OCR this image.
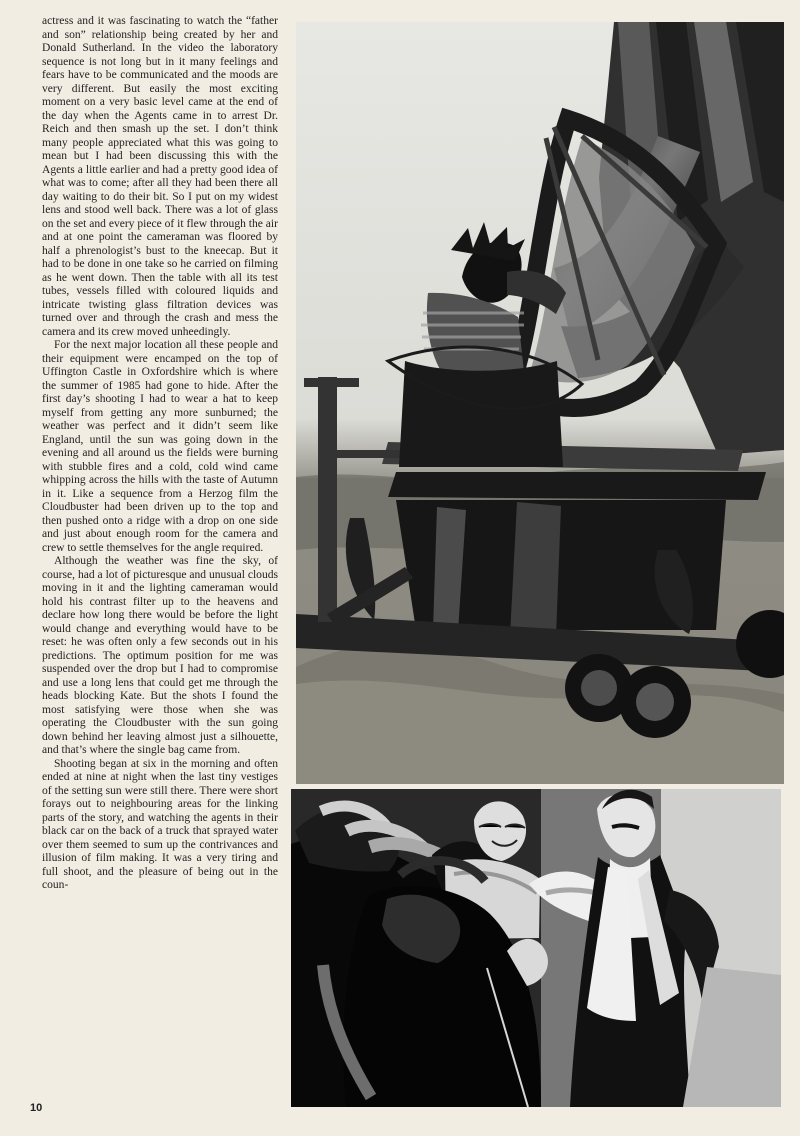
actress and it was fascinating to watch the “father and son” relationship being created by her and Donald Sutherland. In the video the laboratory sequence is not long but in it many feelings and fears have to be communicated and the moods are very different. But easily the most exciting moment on a very basic level came at the end of the day when the Agents came in to arrest Dr. Reich and then smash up the set. I don’t think many people appreciated what this was going to mean but I had been discussing this with the Agents a little earlier and had a pretty good idea of what was to come; after all they had been there all day waiting to do their bit. So I put on my widest lens and stood well back. There was a lot of glass on the set and every piece of it flew through the air and at one point the cameraman was floored by half a phrenologist’s bust to the kneecap. But it had to be done in one take so he carried on filming as he went down. Then the table with all its test tubes, vessels filled with coloured liquids and intricate twisting glass filtration devices was turned over and through the crash and mess the camera and its crew moved unheedingly.

For the next major location all these people and their equipment were encamped on the top of Uffington Castle in Oxfordshire which is where the summer of 1985 had gone to hide. After the first day’s shooting I had to wear a hat to keep myself from getting any more sunburned; the weather was perfect and it didn’t seem like England, until the sun was going down in the evening and all around us the fields were burning with stubble fires and a cold, cold wind came whipping across the hills with the taste of Autumn in it. Like a sequence from a Herzog film the Cloudbuster had been driven up to the top and then pushed onto a ridge with a drop on one side and just about enough room for the camera and crew to settle themselves for the angle required.

Although the weather was fine the sky, of course, had a lot of picturesque and unusual clouds moving in it and the lighting cameraman would hold his contrast filter up to the heavens and declare how long there would be before the light would change and everything would have to be reset: he was often only a few seconds out in his predictions. The optimum position for me was suspended over the drop but I had to compromise and use a long lens that could get me through the heads blocking Kate. But the shots I found the most satisfying were those when she was operating the Cloudbuster with the sun going down behind her leaving almost just a silhouette, and that’s where the single bag came from.

Shooting began at six in the morning and often ended at nine at night when the last tiny vestiges of the setting sun were still there. There were short forays out to neighbouring areas for the linking parts of the story, and watching the agents in their black car on the back of a truck that sprayed water over them seemed to sum up the contrivances and illusion of film making. It was a very tiring and full shoot, and the pleasure of being out in the coun-

10
